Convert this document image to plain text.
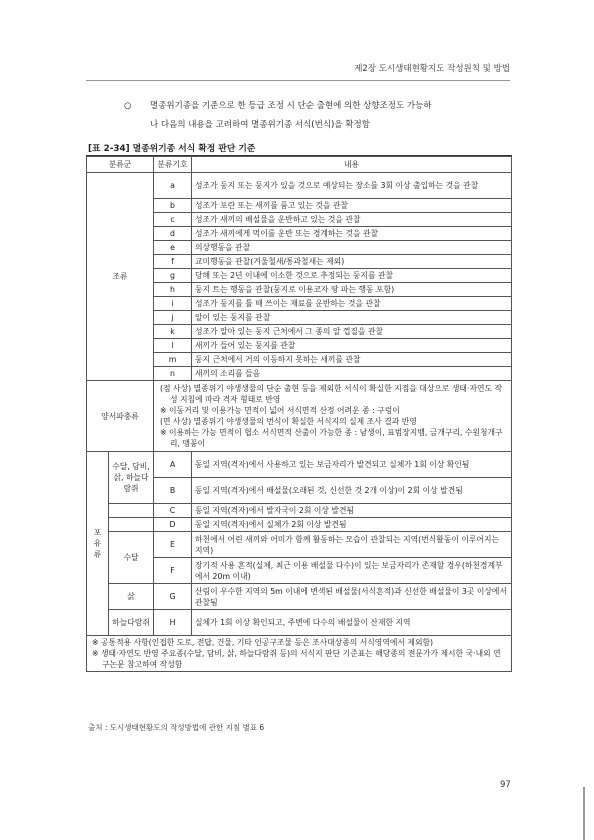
제2장 도시생태현황지도 작성원칙 및 방법
○ 멸종위기종을 기준으로 한 등급 조정 시 단순 출현에 의한 상향조정도 가능하
나 다음의 내용을 고려하여 멸종위기종 서식(번식)을 확정함
[표 2-34] 멸종위기종 서식 확정 판단 기준
분류군		분류기호	내용
조류		a	성조가 둥지 또는 둥지가 있을 것으로 예상되는 장소를 3회 이상 출입하는 것을 관찰
		b	성조가 포란 또는 새끼를 품고 있는 것을 관찰
		c	성조가 새끼의 배설물을 운반하고 있는 것을 관찰
		d	성조가 새끼에게 먹이를 운반 또는 경계하는 것을 관찰
		e	의상행동을 관찰
		f	교미행동을 관찰(겨울철새/통과철새는 제외)
		g	당해 또는 2년 이내에 이소한 것으로 추정되는 둥지를 관찰
		h	둥지 트는 행동을 관찰(둥지로 이용코자 땅 파는 행동 포함)
		i	성조가 둥지를 틀 때 쓰이는 재료를 운반하는 것을 관찰
		j	알이 있는 둥지를 관찰
		k	성조가 알아 있는 둥지 근처에서 그 종의 알 껍질을 관찰
		l	새끼가 들어 있는 둥지를 관찰
		m	둥지 근처에서 거의 이동하지 못하는 새끼를 관찰
		n	새끼의 소리를 들음
양서파충류		(점 사상) 멸종위기 야생생물의 단순 출현 등을 제외한 서식이 확실한 지점을 대상으로 생태·자연도 작성 지침에 따라 격자 형태로 반영
※ 이동거리 및 이용가능 면적이 넓어 서식면적 산정 어려운 종 : 구렁이
(면 사상) 멸종위기 야생생물의 번식이 확실한 서식지의 실제 조사 결과 반영
※ 이용하는 가능 면적이 협소 서식면적 산출이 가능한 종 : 남생이, 표범장지뱀, 금개구리, 수원청개구리, 맹꽁이	

포유류	수달, 담비, 삵, 하늘다람쥐	A	동일 지역(격자)에서 사용하고 있는 보금자리가 발견되고 실체가 1회 이상 확인됨
		B	동일 지역(격자)에서 배설물(오래된 것, 신선한 것 2개 이상)이 2회 이상 발견됨
		C	동일 지역(격자)에서 발자국이 2회 이상 발견됨
		D	동일 지역(격자)에서 실체가 2회 이상 발견됨
	수달	E	하천에서 어린 새끼와 어미가 함께 활동하는 모습이 관찰되는 지역(번식활동이 이루어지는 지역)
		F	장기적 사용 흔적(실체, 최근 이용 배설물 다수)이 있는 보금자리가 존재할 경우(하천경계부에서 20m 이내)
	삵	G	산림이 우수한 지역의 5m 이내에 변색된 배설물(서식흔적)과 신선한 배설물이 3곳 이상에서 관찰됨
	하늘다람쥐	H	실체가 1회 이상 확인되고, 주변에 다수의 배설물이 산재한 지역

※ 공통적용 사항(인접한 도로, 전답, 건물, 기타 인공구조물 등은 조사대상종의 서식영역에서 제외함)
※ 생태·자연도 반영 주요종(수달, 담비, 삵, 하늘다람쥐 등)의 서식지 판단 기준표는 해당종의 전문가가 제시한 국·내외 연구논문 참고하여 작성함			
출처 : 도시생태현황도의 작성방법에 관한 지침 별표 6
97
